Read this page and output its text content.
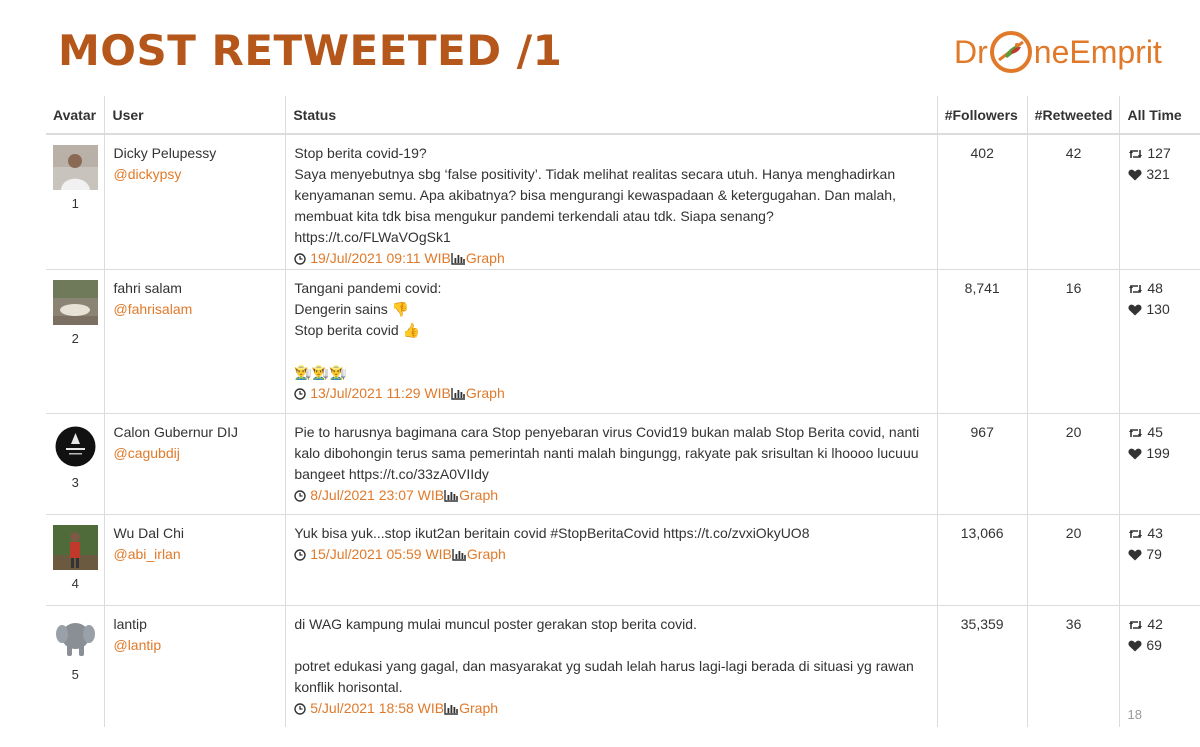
MOST RETWEETED /1	Dr neEmprit
Avatar	User	Status	#Followers	#Retweeted	All Time

1	Dicky Pelupessy
@dickypsy	Stop berita covid-19?
Saya menyebutnya sbg ‘false positivity’. Tidak melihat realitas secara utuh. Hanya menghadirkan
kenyamanan semu. Apa akibatnya? bisa mengurangi kewaspadaan & ketergugahan. Dan malah,
membuat kita tdk bisa mengukur pandemi terkendali atau tdk. Siapa senang? https://t.co/FLWaVOgSk1
19/Jul/2021 09:11 WIB Graph	402	42	127
321

2	fahri salam
@fahrisalam	Tangani pandemi covid:
Dengerin sains 👎
Stop berita covid 👍
👨‍🌾👨‍🌾👨‍🌾
13/Jul/2021 11:29 WIB Graph	8,741	16	48
130

3	Calon Gubernur DIJ
@cagubdij	Pie to harusnya bagimana cara Stop penyebaran virus Covid19 bukan malab Stop Berita covid, nanti
kalo dibohongin terus sama pemerintah nanti malah bingungg, rakyate pak srisultan ki lhoooo lucuuu
bangeet https://t.co/33zA0VIIdy
8/Jul/2021 23:07 WIB Graph	967	20	45
199

4	Wu Dal Chi
@abi_irlan	Yuk bisa yuk...stop ikut2an beritain covid #StopBeritaCovid https://t.co/zvxiOkyUO8
15/Jul/2021 05:59 WIB Graph	13,066	20	43
79

5	lantip
@lantip	di WAG kampung mulai muncul poster gerakan stop berita covid.
potret edukasi yang gagal, dan masyarakat yg sudah lelah harus lagi-lagi berada di situasi yg rawan
konflik horisontal.
5/Jul/2021 18:58 WIB Graph	35,359	36	42
69
18
